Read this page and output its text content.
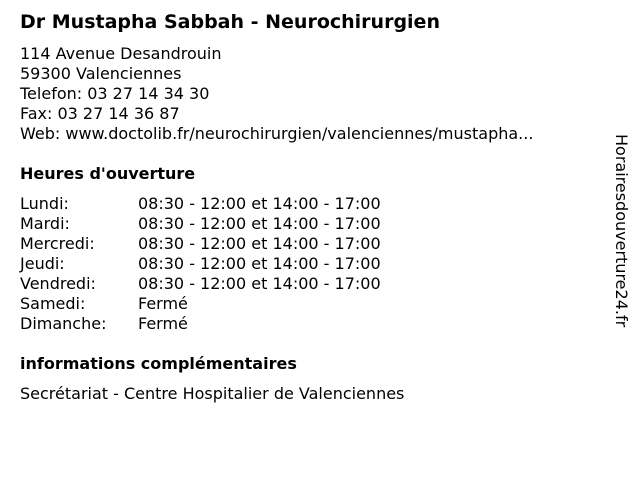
Dr Mustapha Sabbah - Neurochirurgien
114 Avenue Desandrouin
59300 Valenciennes
Telefon: 03 27 14 34 30
Fax: 03 27 14 36 87
Web: www.doctolib.fr/neurochirurgien/valenciennes/mustapha...
Heures d'ouverture
Lundi:	08:30 - 12:00 et 14:00 - 17:00
Mardi:	08:30 - 12:00 et 14:00 - 17:00
Mercredi:	08:30 - 12:00 et 14:00 - 17:00
Jeudi:	08:30 - 12:00 et 14:00 - 17:00
Vendredi:	08:30 - 12:00 et 14:00 - 17:00
Samedi:	Fermé
Dimanche: Fermé
informations complémentaires
Secrétariat - Centre Hospitalier de Valenciennes
Horairesdouverture24.fr
